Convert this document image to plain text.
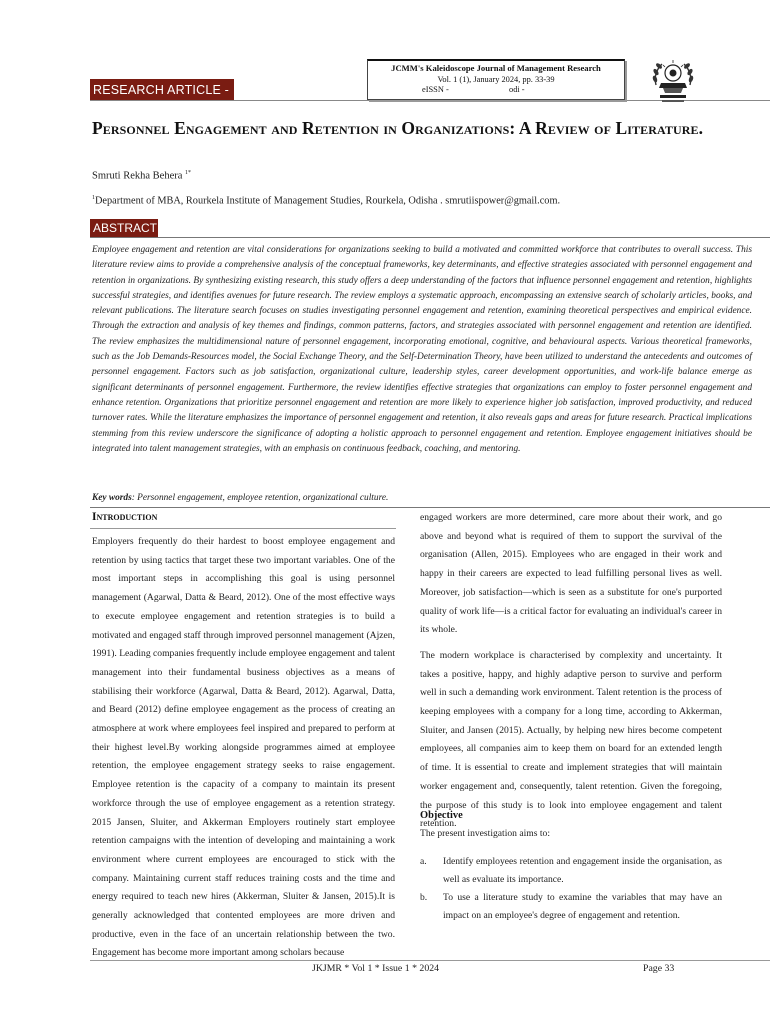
RESEARCH ARTICLE - 6
JCMM's Kaleidoscope Journal of Management Research
Vol. 1 (1), January 2024, pp. 33-39
eISSN -	odi -
Personnel Engagement and Retention in Organizations: A Review of Literature.
Smruti Rekha Behera $^{1*}$
$^1$Department of MBA, Rourkela Institute of Management Studies, Rourkela, Odisha . smrutiispower@gmail.com.
ABSTRACT
Employee engagement and retention are vital considerations for organizations seeking to build a motivated and committed workforce that contributes to overall success. This literature review aims to provide a comprehensive analysis of the conceptual frameworks, key determinants, and effective strategies associated with personnel engagement and retention in organizations. By synthesizing existing research, this study offers a deep understanding of the factors that influence personnel engagement and retention, highlights successful strategies, and identifies avenues for future research. The review employs a systematic approach, encompassing an extensive search of scholarly articles, books, and relevant publications. The literature search focuses on studies investigating personnel engagement and retention, examining theoretical perspectives and empirical evidence. Through the extraction and analysis of key themes and findings, common patterns, factors, and strategies associated with personnel engagement and retention are identified. The review emphasizes the multidimensional nature of personnel engagement, incorporating emotional, cognitive, and behavioural aspects. Various theoretical frameworks, such as the Job Demands-Resources model, the Social Exchange Theory, and the Self-Determination Theory, have been utilized to understand the antecedents and outcomes of personnel engagement. Factors such as job satisfaction, organizational culture, leadership styles, career development opportunities, and work-life balance emerge as significant determinants of personnel engagement. Furthermore, the review identifies effective strategies that organizations can employ to foster personnel engagement and enhance retention. Organizations that prioritize personnel engagement and retention are more likely to experience higher job satisfaction, improved productivity, and reduced turnover rates. While the literature emphasizes the importance of personnel engagement and retention, it also reveals gaps and areas for future research. Practical implications stemming from this review underscore the significance of adopting a holistic approach to personnel engagement and retention. Employee engagement initiatives should be integrated into talent management strategies, with an emphasis on continuous feedback, coaching, and mentoring.
Key words: Personnel engagement, employee retention, organizational culture.
Introduction
Employers frequently do their hardest to boost employee engagement and retention by using tactics that target these two important variables. One of the most important steps in accomplishing this goal is using personnel management (Agarwal, Datta & Beard, 2012). One of the most effective ways to execute employee engagement and retention strategies is to build a motivated and engaged staff through improved personnel management (Ajzen, 1991). Leading companies frequently include employee engagement and talent management into their fundamental business objectives as a means of stabilising their workforce (Agarwal, Datta & Beard, 2012). Agarwal, Datta, and Beard (2012) define employee engagement as the process of creating an atmosphere at work where employees feel inspired and prepared to perform at their highest level.By working alongside programmes aimed at employee retention, the employee engagement strategy seeks to raise engagement. Employee retention is the capacity of a company to maintain its present workforce through the use of employee engagement as a retention strategy. 2015 Jansen, Sluiter, and Akkerman Employers routinely start employee retention campaigns with the intention of developing and maintaining a work environment where current employees are encouraged to stick with the company. Maintaining current staff reduces training costs and the time and energy required to teach new hires (Akkerman, Sluiter & Jansen, 2015).It is generally acknowledged that contented employees are more driven and productive, even in the face of an uncertain relationship between the two. Engagement has become more important among scholars because

engaged workers are more determined, care more about their work, and go above and beyond what is required of them to support the survival of the organisation (Allen, 2015). Employees who are engaged in their work and happy in their careers are expected to lead fulfilling personal lives as well. Moreover, job satisfaction—which is seen as a substitute for one's purported quality of work life—is a critical factor for evaluating an individual's career in its whole.

The modern workplace is characterised by complexity and uncertainty. It takes a positive, happy, and highly adaptive person to survive and perform well in such a demanding work environment. Talent retention is the process of keeping employees with a company for a long time, according to Akkerman, Sluiter, and Jansen (2015). Actually, by helping new hires become competent employees, all companies aim to keep them on board for an extended length of time. It is essential to create and implement strategies that will maintain worker engagement and, consequently, talent retention. Given the foregoing, the purpose of this study is to look into employee engagement and talent retention.

Objective
The present investigation aims to:
a. Identify employees retention and engagement inside the organisation, as well as evaluate its importance.
b. To use a literature study to examine the variables that may have an impact on an employee's degree of engagement and retention.
JKJMR * Vol 1 * Issue 1 * 2024	Page 33
